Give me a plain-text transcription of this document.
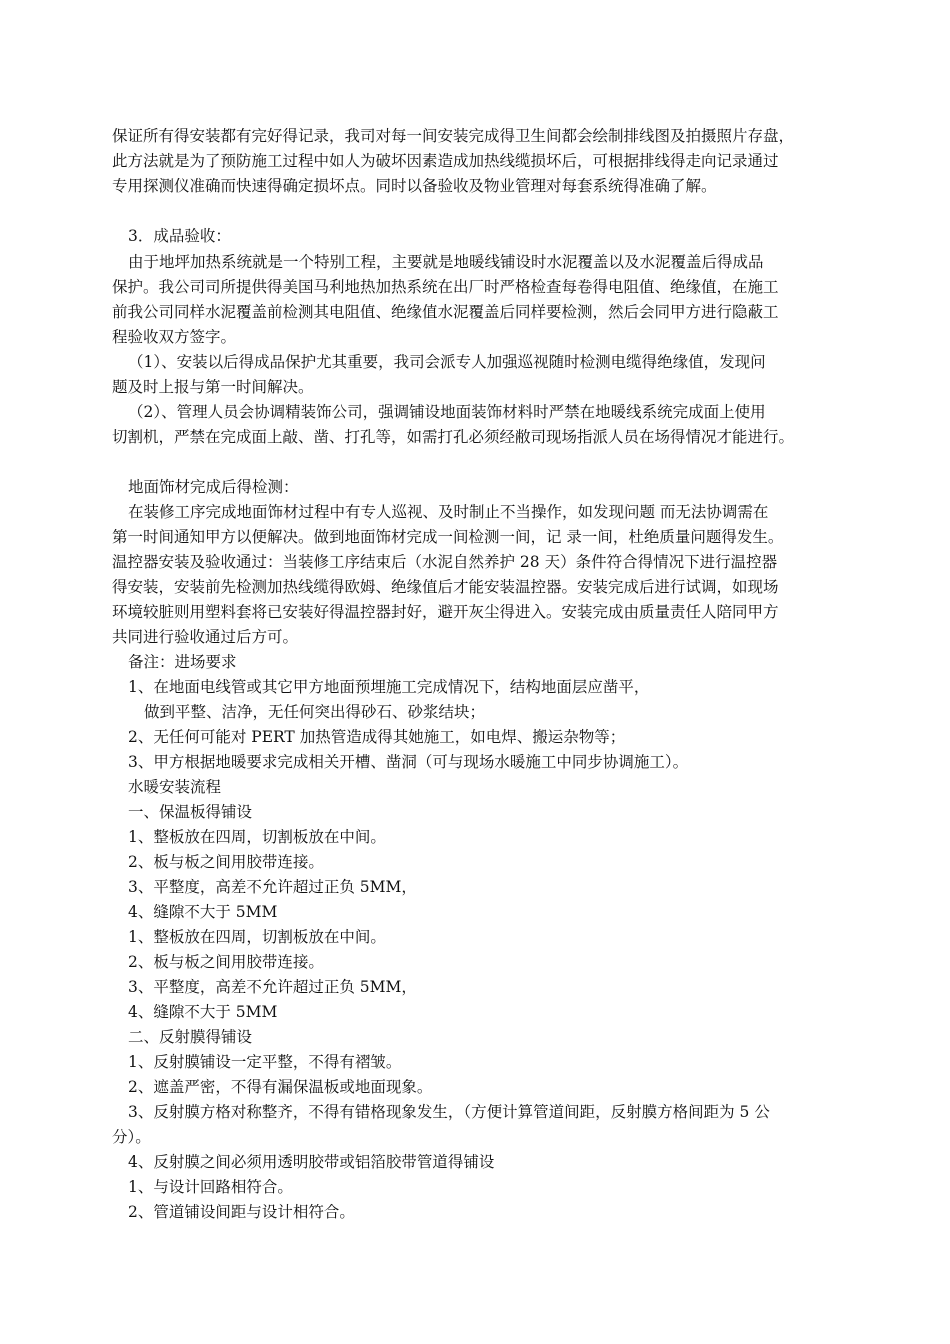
保证所有得安装都有完好得记录，我司对每一间安装完成得卫生间都会绘制排线图及拍摄照片存盘，
此方法就是为了预防施工过程中如人为破坏因素造成加热线缆损坏后，可根据排线得走向记录通过
专用探测仪准确而快速得确定损坏点。同时以备验收及物业管理对每套系统得准确了解。
3．成品验收：
由于地坪加热系统就是一个特别工程，主要就是地暖线铺设时水泥覆盖以及水泥覆盖后得成品
保护。我公司司所提供得美国马利地热加热系统在出厂时严格检查每卷得电阻值、绝缘值，在施工
前我公司同样水泥覆盖前检测其电阻值、绝缘值水泥覆盖后同样要检测，然后会同甲方进行隐蔽工
程验收双方签字。
（1）、安装以后得成品保护尤其重要，我司会派专人加强巡视随时检测电缆得绝缘值，发现问
题及时上报与第一时间解决。
（2）、管理人员会协调精装饰公司，强调铺设地面装饰材料时严禁在地暖线系统完成面上使用
切割机，严禁在完成面上敲、凿、打孔等，如需打孔必须经敝司现场指派人员在场得情况才能进行。
地面饰材完成后得检测：
在装修工序完成地面饰材过程中有专人巡视、及时制止不当操作，如发现问题 而无法协调需在
第一时间通知甲方以便解决。做到地面饰材完成一间检测一间，记 录一间，杜绝质量问题得发生。
温控器安装及验收通过：当装修工序结束后（水泥自然养护 28 天）条件符合得情况下进行温控器
得安装，安装前先检测加热线缆得欧姆、绝缘值后才能安装温控器。安装完成后进行试调，如现场
环境较脏则用塑料套将已安装好得温控器封好，避开灰尘得进入。安装完成由质量责任人陪同甲方
共同进行验收通过后方可。
备注：进场要求
1、在地面电线管或其它甲方地面预埋施工完成情况下，结构地面层应凿平，
做到平整、洁净，无任何突出得砂石、砂浆结块；
2、无任何可能对 PERT 加热管造成得其她施工，如电焊、搬运杂物等；
3、甲方根据地暖要求完成相关开槽、凿洞（可与现场水暖施工中同步协调施工）。
水暖安装流程
一、保温板得铺设
1、整板放在四周，切割板放在中间。
2、板与板之间用胶带连接。
3、平整度，高差不允许超过正负 5MM，
4、缝隙不大于 5MM
1、整板放在四周，切割板放在中间。
2、板与板之间用胶带连接。
3、平整度，高差不允许超过正负 5MM，
4、缝隙不大于 5MM
二、反射膜得铺设
1、反射膜铺设一定平整，不得有褶皱。
2、遮盖严密，不得有漏保温板或地面现象。
3、反射膜方格对称整齐，不得有错格现象发生，（方便计算管道间距，反射膜方格间距为 5 公
分）。
4、反射膜之间必须用透明胶带或铝箔胶带管道得铺设
1、与设计回路相符合。
2、管道铺设间距与设计相符合。
